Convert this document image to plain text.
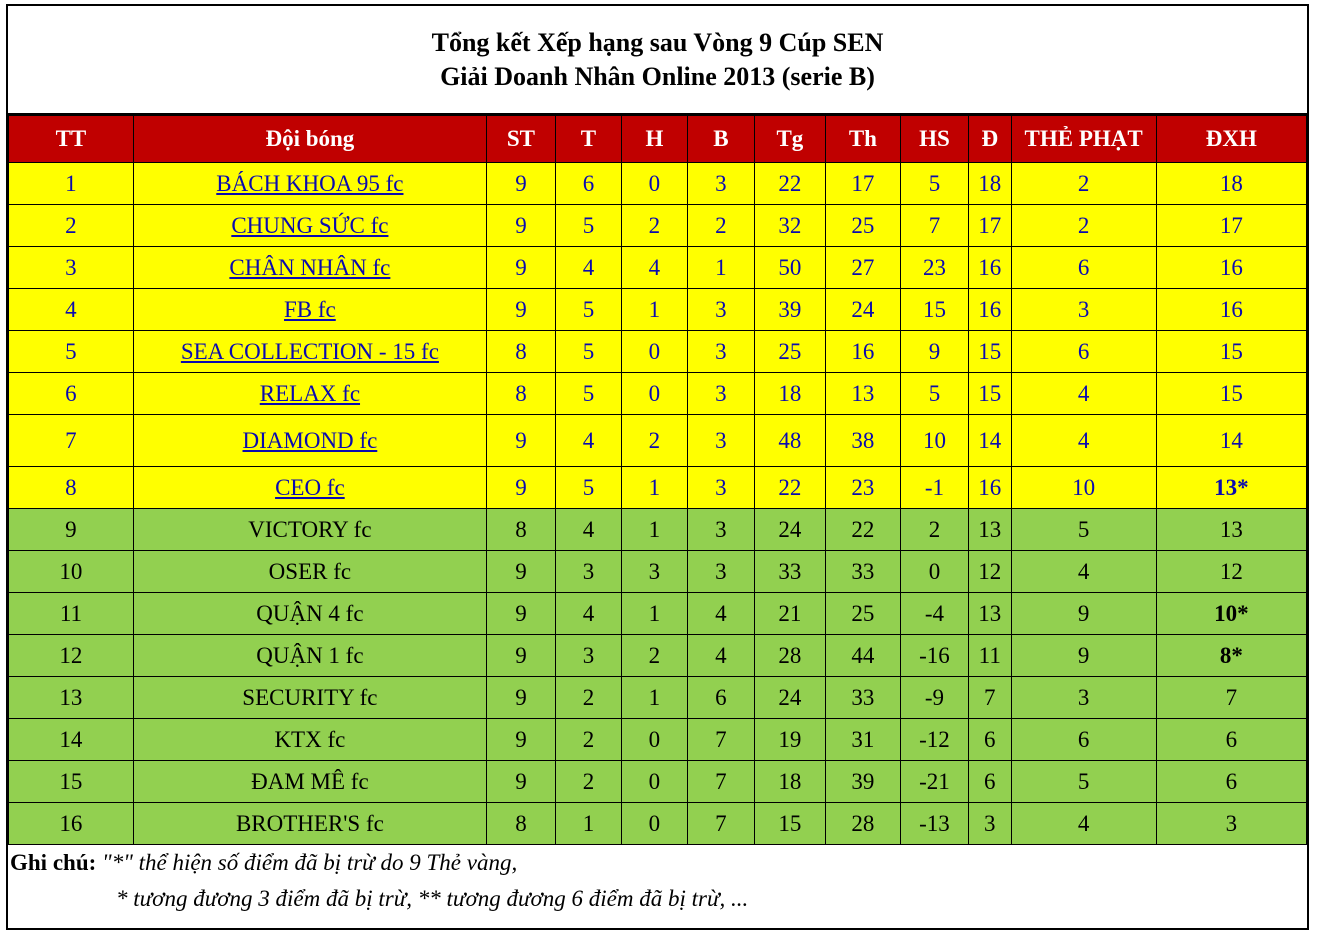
Tổng kết Xếp hạng sau Vòng 9 Cúp SEN
Giải Doanh Nhân Online 2013 (serie B)
TT	Đội bóng	ST	T	H	B	Tg	Th	HS	Đ	THẺ PHẠT	ĐXH
1	BÁCH KHOA 95 fc	9	6	0	3	22	17	5	18	2	18
2	CHUNG SỨC fc	9	5	2	2	32	25	7	17	2	17
3	CHÂN NHÂN fc	9	4	4	1	50	27	23	16	6	16
4	FB fc	9	5	1	3	39	24	15	16	3	16
5	SEA COLLECTION - 15 fc	8	5	0	3	25	16	9	15	6	15
6	RELAX fc	8	5	0	3	18	13	5	15	4	15
7	DIAMOND fc	9	4	2	3	48	38	10	14	4	14
8	CEO fc	9	5	1	3	22	23	-1	16	10	13*
9	VICTORY fc	8	4	1	3	24	22	2	13	5	13
10	OSER fc	9	3	3	3	33	33	0	12	4	12
11	QUẬN 4 fc	9	4	1	4	21	25	-4	13	9	10*
12	QUẬN 1 fc	9	3	2	4	28	44	-16	11	9	8*
13	SECURITY fc	9	2	1	6	24	33	-9	7	3	7
14	KTX fc	9	2	0	7	19	31	-12	6	6	6
15	ĐAM MÊ fc	9	2	0	7	18	39	-21	6	5	6
16	BROTHER'S fc	8	1	0	7	15	28	-13	3	4	3
Ghi chú: "*" thể hiện số điểm đã bị trừ do 9 Thẻ vàng,
* tương đương 3 điểm đã bị trừ, ** tương đương 6 điểm đã bị trừ, ...
